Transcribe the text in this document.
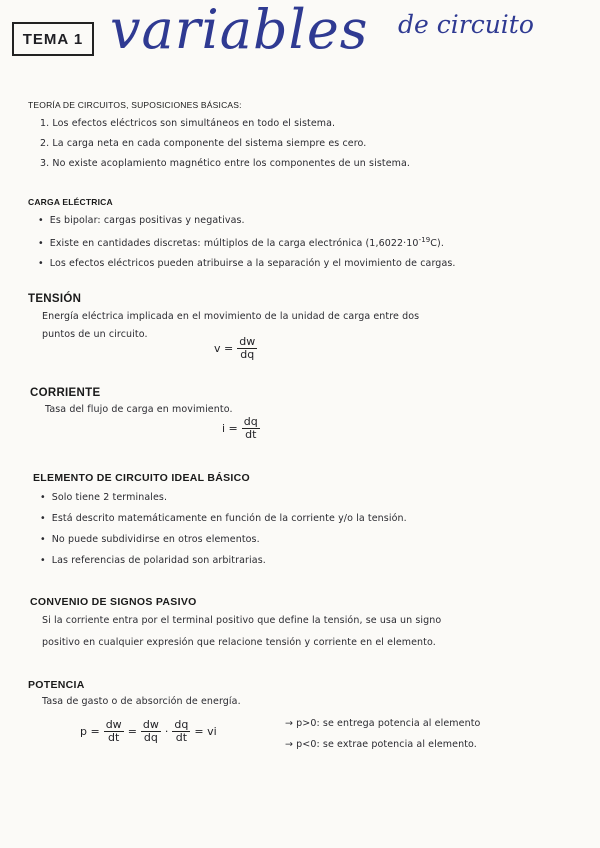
TEMA 1 variables de circuito
TEORÍA DE CIRCUITOS, SUPOSICIONES BÁSICAS:
1. Los efectos eléctricos son simultáneos en todo el sistema.
2. La carga neta en cada componente del sistema siempre es cero.
3. No existe acoplamiento magnético entre los componentes de un sistema.
CARGA ELÉCTRICA
• Es bipolar: cargas positivas y negativas.
• Existe en cantidades discretas: múltiplos de la carga electrónica $(1,6022\cdot 10^{-19}C)$.
• Los efectos eléctricos pueden atribuirse a la separación y el movimiento de cargas.
TENSIÓN
Energía eléctrica implicada en el movimiento de la unidad de carga entre dos
puntos de un circuito.
$v = \frac{dw}{dq}$
CORRIENTE
Tasa del flujo de carga en movimiento.
$i = \frac{dq}{dt}$
ELEMENTO DE CIRCUITO IDEAL BÁSICO
• Solo tiene 2 terminales.
• Está descrito matemáticamente en función de la corriente y/o la tensión.
• No puede subdividirse en otros elementos.
• Las referencias de polaridad son arbitrarias.
CONVENIO DE SIGNOS PASIVO
Si la corriente entra por el terminal positivo que define la tensión, se usa un signo
positivo en cualquier expresión que relacione tensión y corriente en el elemento.
POTENCIA
Tasa de gasto o de absorción de energía.
$p = \frac{dw}{dt} = \frac{dw}{dq} \cdot \frac{dq}{dt}$ = vi
→ p>0: se entrega potencia al elemento
→ p<0: se extrae potencia al elemento.
